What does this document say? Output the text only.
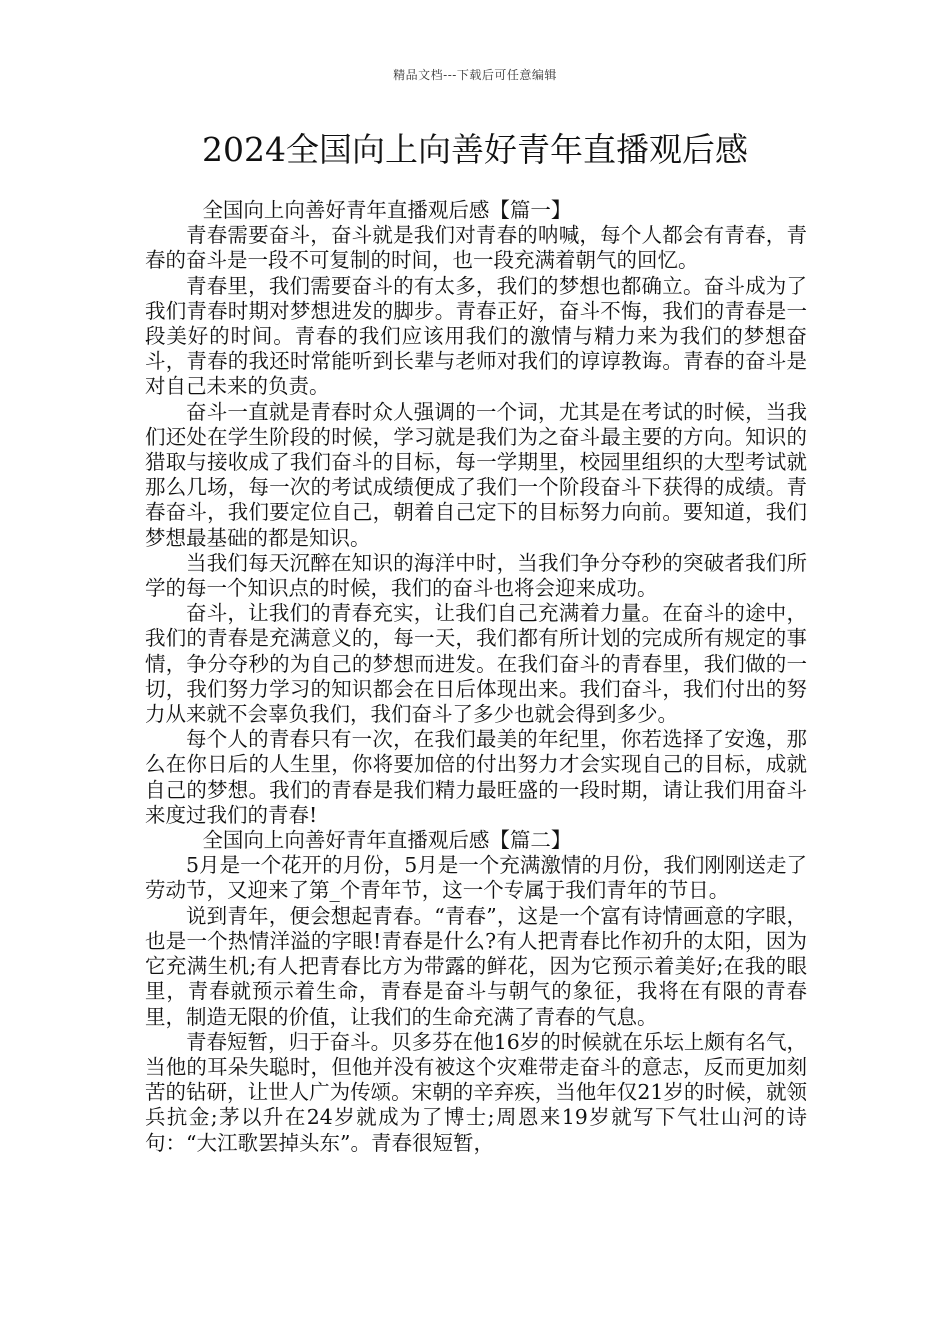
精品文档---下载后可任意编辑
2024全国向上向善好青年直播观后感

全国向上向善好青年直播观后感【篇一】

青春需要奋斗，奋斗就是我们对青春的呐喊，每个人都会有青春，青春的奋斗是一段不可复制的时间，也一段充满着朝气的回忆。

青春里，我们需要奋斗的有太多，我们的梦想也都确立。奋斗成为了我们青春时期对梦想进发的脚步。青春正好，奋斗不悔，我们的青春是一段美好的时间。青春的我们应该用我们的激情与精力来为我们的梦想奋斗，青春的我还时常能听到长辈与老师对我们的谆谆教诲。青春的奋斗是对自己未来的负责。

奋斗一直就是青春时众人强调的一个词，尤其是在考试的时候，当我们还处在学生阶段的时候，学习就是我们为之奋斗最主要的方向。知识的猎取与接收成了我们奋斗的目标，每一学期里，校园里组织的大型考试就那么几场，每一次的考试成绩便成了我们一个阶段奋斗下获得的成绩。青春奋斗，我们要定位自己，朝着自己定下的目标努力向前。要知道，我们梦想最基础的都是知识。

当我们每天沉醉在知识的海洋中时，当我们争分夺秒的突破者我们所学的每一个知识点的时候，我们的奋斗也将会迎来成功。

奋斗，让我们的青春充实，让我们自己充满着力量。在奋斗的途中，我们的青春是充满意义的，每一天，我们都有所计划的完成所有规定的事情，争分夺秒的为自己的梦想而进发。在我们奋斗的青春里，我们做的一切，我们努力学习的知识都会在日后体现出来。我们奋斗，我们付出的努力从来就不会辜负我们，我们奋斗了多少也就会得到多少。

每个人的青春只有一次，在我们最美的年纪里，你若选择了安逸，那么在你日后的人生里，你将要加倍的付出努力才会实现自己的目标，成就自己的梦想。我们的青春是我们精力最旺盛的一段时期，请让我们用奋斗来度过我们的青春!

全国向上向善好青年直播观后感【篇二】

5月是一个花开的月份，5月是一个充满激情的月份，我们刚刚送走了劳动节，又迎来了第_个青年节，这一个专属于我们青年的节日。

说到青年，便会想起青春。“青春”，这是一个富有诗情画意的字眼，也是一个热情洋溢的字眼!青春是什么?有人把青春比作初升的太阳，因为它充满生机;有人把青春比方为带露的鲜花，因为它预示着美好;在我的眼里，青春就预示着生命，青春是奋斗与朝气的象征，我将在有限的青春里，制造无限的价值，让我们的生命充满了青春的气息。

青春短暂，归于奋斗。贝多芬在他16岁的时候就在乐坛上颇有名气，当他的耳朵失聪时，但他并没有被这个灾难带走奋斗的意志，反而更加刻苦的钻研，让世人广为传颂。宋朝的辛弃疾，当他年仅21岁的时候，就领兵抗金;茅以升在24岁就成为了博士;周恩来19岁就写下气壮山河的诗句：“大江歌罢掉头东”。青春很短暂，
